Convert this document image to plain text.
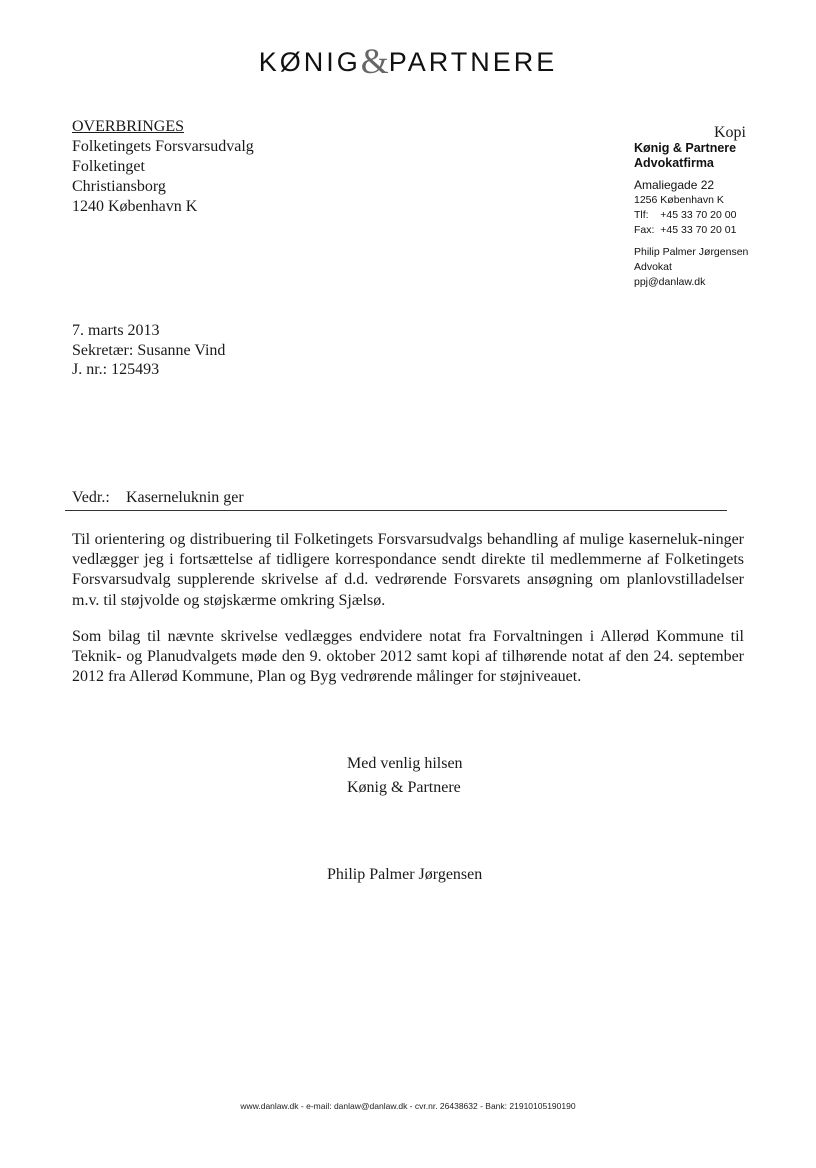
KØNIG&PARTNERE
OVERBRINGES
Folketingets Forsvarsudvalg
Folketinget
Christiansborg
1240 København K
Kopi
Kønig & Partnere
Advokatfirma
Amaliegade 22
1256 København K
Tlf:    +45 33 70 20 00
Fax:  +45 33 70 20 01
Philip Palmer Jørgensen
Advokat
ppj@danlaw.dk
7. marts 2013
Sekretær: Susanne Vind
J. nr.: 125493
Vedr.: Kaserneluknin ger

Til orientering og distribuering til Folketingets Forsvarsudvalgs behandling af mulige kaserneluk-ninger vedlægger jeg i fortsættelse af tidligere korrespondance sendt direkte til medlemmerne af Folketingets Forsvarsudvalg supplerende skrivelse af d.d. vedrørende Forsvarets ansøgning om planlovstilladelser m.v. til støjvolde og støjskærme omkring Sjælsø.

Som bilag til nævnte skrivelse vedlægges endvidere notat fra Forvaltningen i Allerød Kommune til Teknik- og Planudvalgets møde den 9. oktober 2012 samt kopi af tilhørende notat af den 24. september 2012 fra Allerød Kommune, Plan og Byg vedrørende målinger for støjniveauet.

Med venlig hilsen
Kønig & Partnere
Philip Palmer Jørgensen
www.danlaw.dk - e-mail: danlaw@danlaw.dk - cvr.nr. 26438632 - Bank: 21910105190190
